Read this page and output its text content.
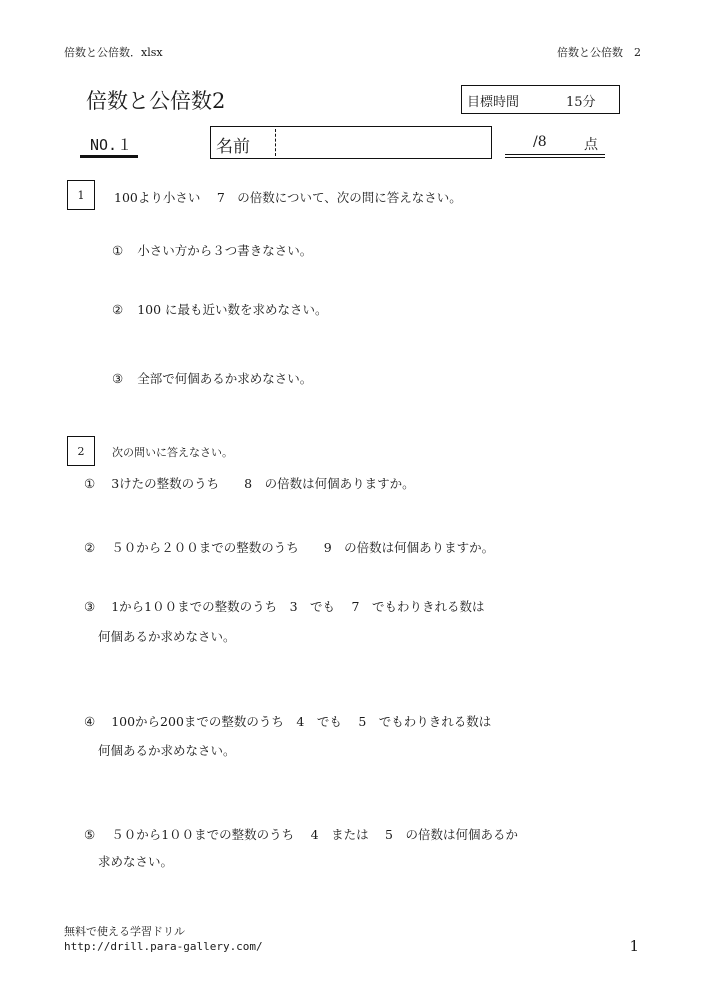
倍数と公倍数．xlsx	倍数と公倍数　2
倍数と公倍数2	目標時間	15分
NO.１	名前	/8	点
1	100より小さい　 7　の倍数について、次の問に答えなさい。
① 小さい方から３つ書きなさい。
② 100 に最も近い数を求めなさい。
③ 全部で何個あるか求めなさい。
2	次の問いに答えなさい。
① 3けたの整数のうち　　8　の倍数は何個ありますか。
② ５０から２００までの整数のうち　　9　の倍数は何個ありますか。
③ 1から1００までの整数のうち　3　でも　 7　でもわりきれる数は
何個あるか求めなさい。
④ 100から200までの整数のうち　4　でも　 5　でもわりきれる数は
何個あるか求めなさい。
⑤ ５０から1００までの整数のうち　 4　または　 5　の倍数は何個あるか
求めなさい。
無料で使える学習ドリル
http://drill.para-gallery.com/	1
